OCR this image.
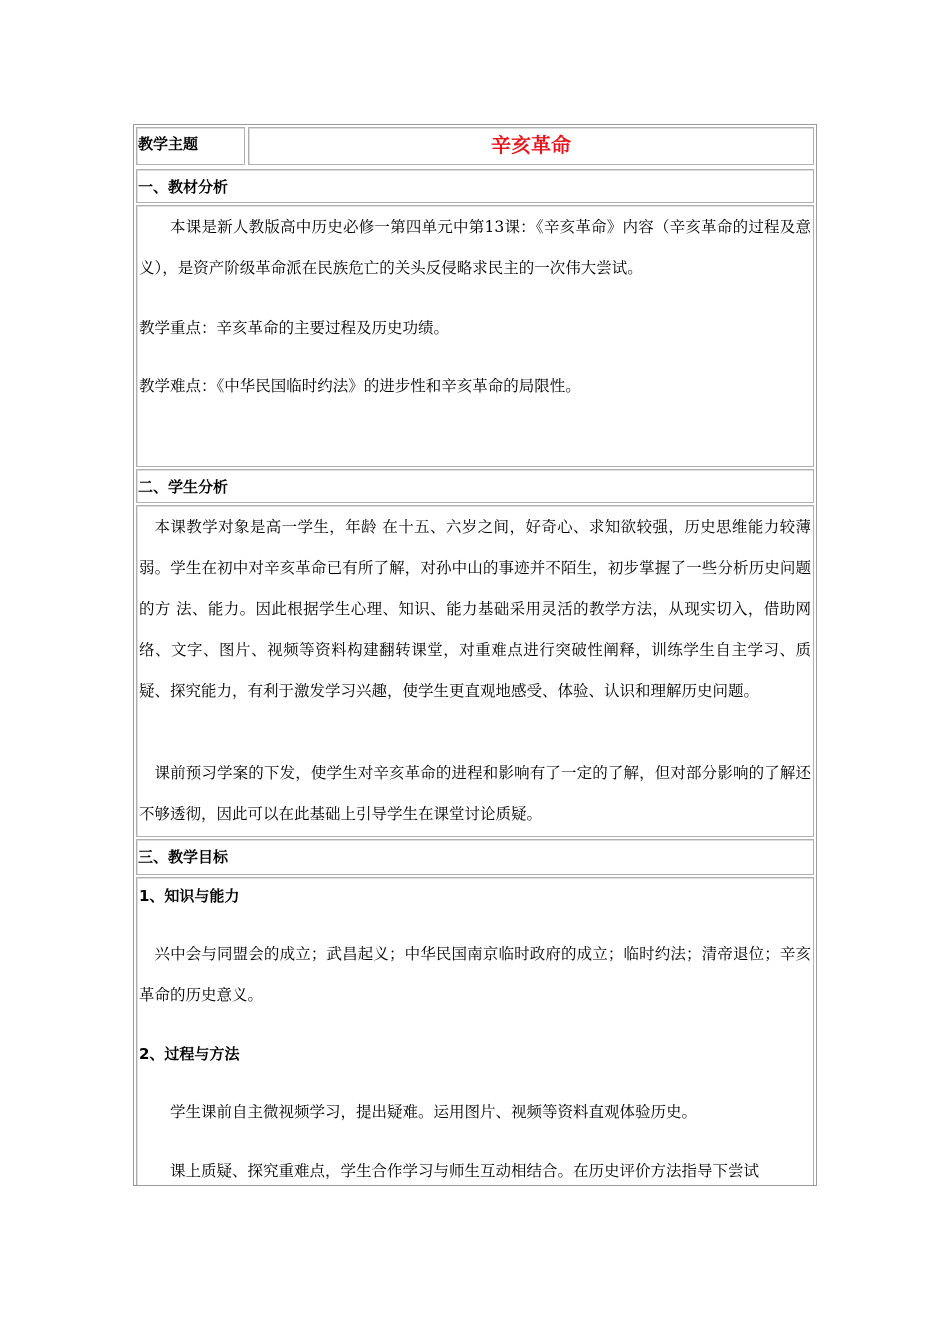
教学主题	辛亥革命
一、教材分析

本课是新人教版高中历史必修一第四单元中第13课：《辛亥革命》内容（辛亥革命的过程及意义），是资产阶级革命派在民族危亡的关头反侵略求民主的一次伟大尝试。

教学重点：辛亥革命的主要过程及历史功绩。

教学难点：《中华民国临时约法》的进步性和辛亥革命的局限性。

二、学生分析

本课教学对象是高一学生，年龄 在十五、六岁之间，好奇心、求知欲较强，历史思维能力较薄弱。学生在初中对辛亥革命已有所了解，对孙中山的事迹并不陌生，初步掌握了一些分析历史问题的方 法、能力。因此根据学生心理、知识、能力基础采用灵活的教学方法，从现实切入，借助网络、文字、图片、视频等资料构建翻转课堂，对重难点进行突破性阐释，训练学生自主学习、质疑、探究能力，有利于激发学习兴趣，使学生更直观地感受、体验、认识和理解历史问题。

课前预习学案的下发，使学生对辛亥革命的进程和影响有了一定的了解，但对部分影响的了解还不够透彻，因此可以在此基础上引导学生在课堂讨论质疑。

三、教学目标
1、知识与能力

兴中会与同盟会的成立；武昌起义；中华民国南京临时政府的成立；临时约法；清帝退位；辛亥革命的历史意义。

2、过程与方法

学生课前自主微视频学习，提出疑难。运用图片、视频等资料直观体验历史。

课上质疑、探究重难点，学生合作学习与师生互动相结合。在历史评价方法指导下尝试
